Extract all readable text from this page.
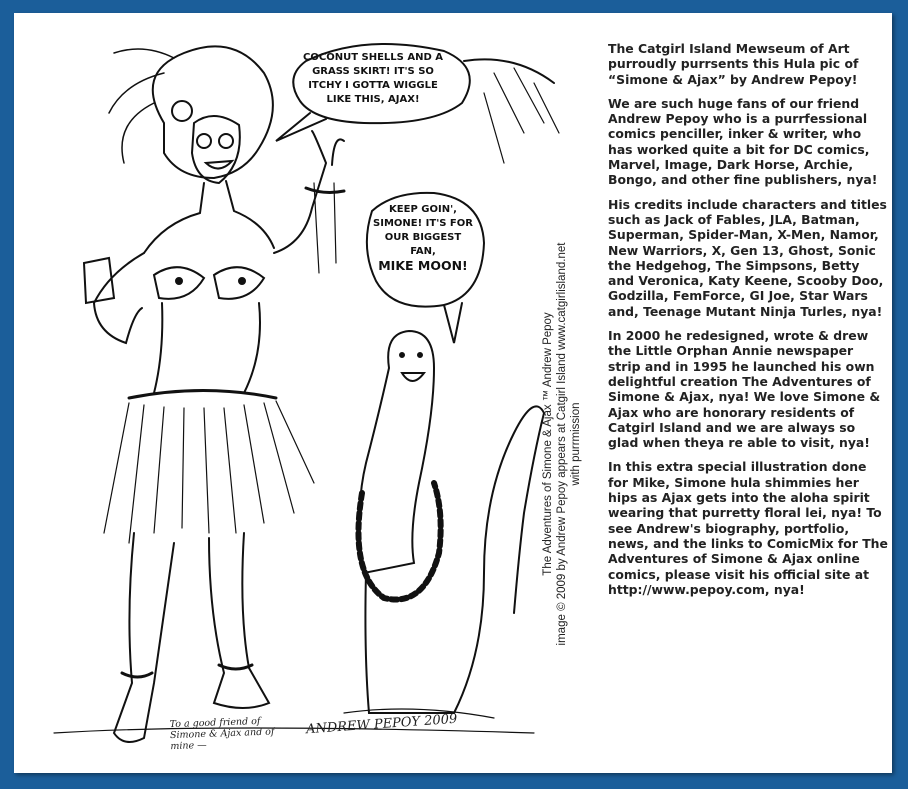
COCONUT SHELLS AND A GRASS SKIRT! IT'S SO ITCHY I GOTTA WIGGLE LIKE THIS, AJAX!
KEEP GOIN', SIMONE! IT'S FOR OUR BIGGEST FAN,
MIKE MOON!
To a good friend of Simone & Ajax and of mine —
ANDREW PEPOY 2009
The Adventures of Simone & Ajax ™ Andrew Pepoy image © 2009 by Andrew Pepoy appears at Catgirl Island www.catgirlisland.net with purrmission

The Catgirl Island Mewseum of Art purroudly purrsents this Hula pic of “Simone & Ajax” by Andrew Pepoy!

We are such huge fans of our friend Andrew Pepoy who is a purrfessional comics penciller, inker & writer, who has worked quite a bit for DC comics, Marvel, Image, Dark Horse, Archie, Bongo, and other fine publishers, nya!

His credits include characters and titles such as Jack of Fables, JLA, Batman, Superman, Spider-Man, X-Men, Namor, New Warriors, X, Gen 13, Ghost, Sonic the Hedgehog, The Simpsons, Betty and Veronica, Katy Keene, Scooby Doo, Godzilla, FemForce, GI Joe, Star Wars and, Teenage Mutant Ninja Turles, nya!

In 2000 he redesigned, wrote & drew the Little Orphan Annie newspaper strip and in 1995 he launched his own delightful creation The Adventures of Simone & Ajax, nya! We love Simone & Ajax who are honorary residents of Catgirl Island and we are always so glad when theya re able to visit, nya!

In this extra special illustration done for Mike, Simone hula shimmies her hips as Ajax gets into the aloha spirit wearing that purretty floral lei, nya! To see Andrew's biography, portfolio, news, and the links to ComicMix for The Adventures of Simone & Ajax online comics, please visit his official site at http://www.pepoy.com, nya!
